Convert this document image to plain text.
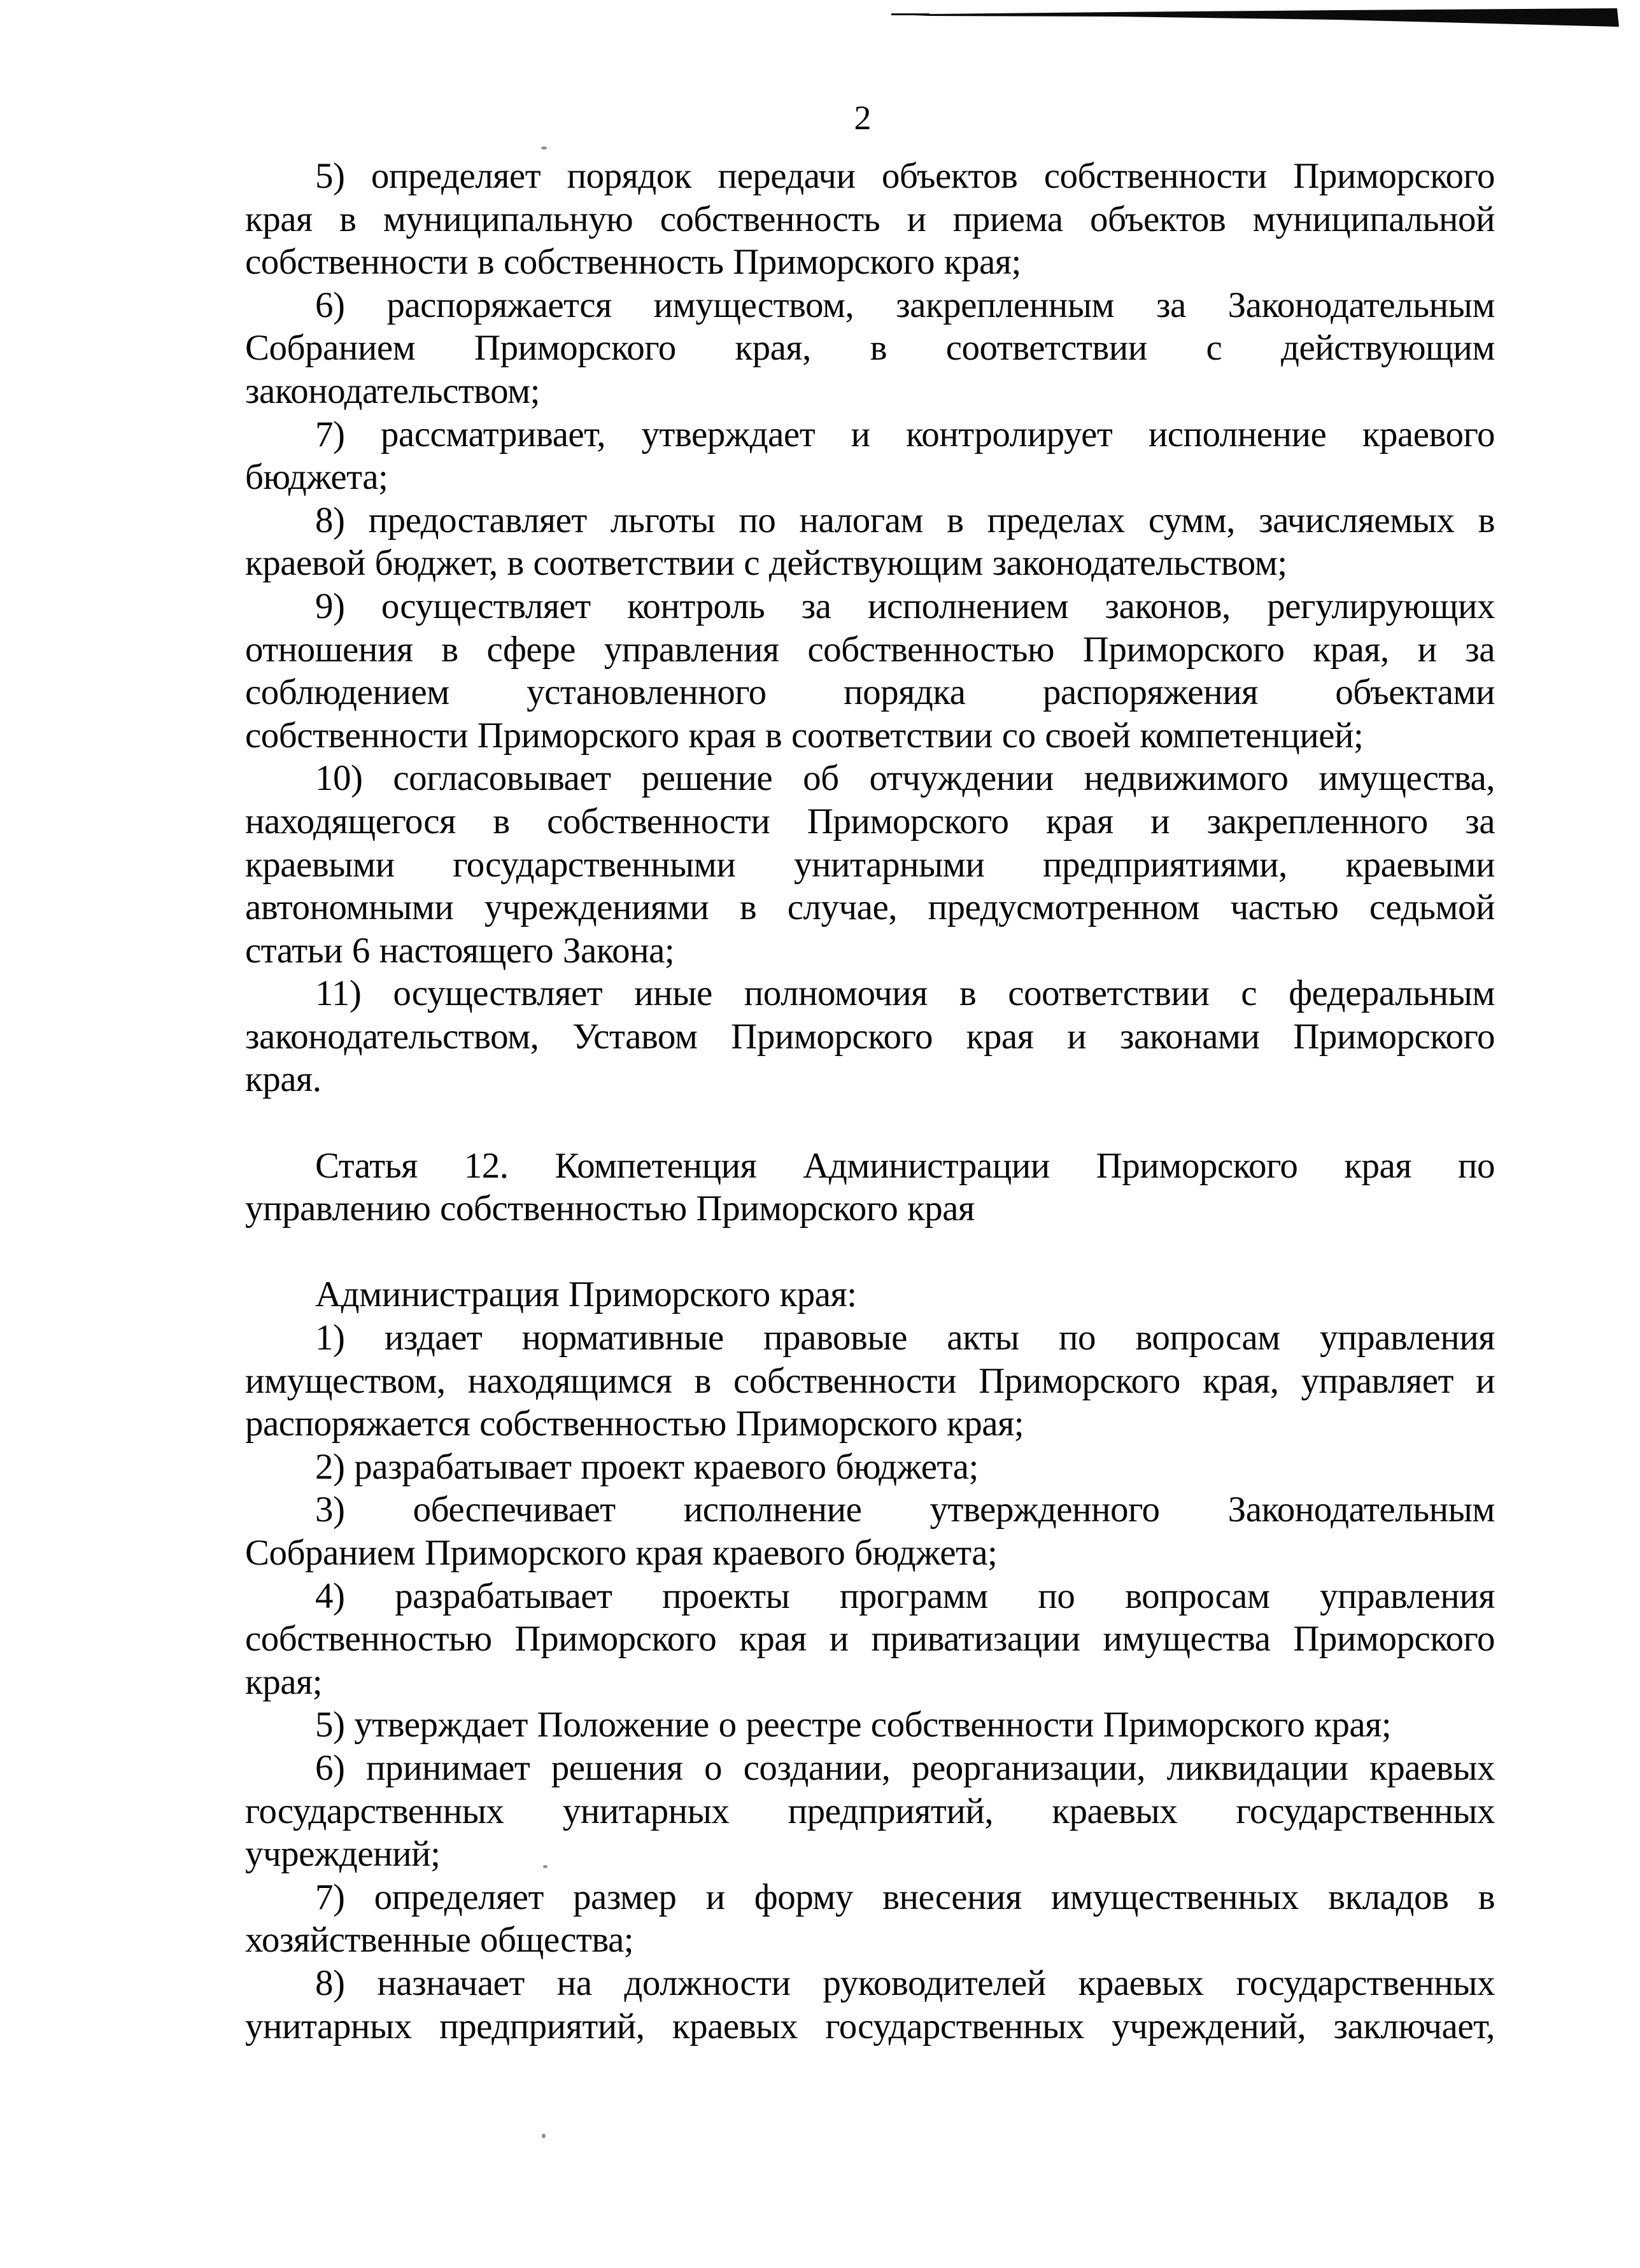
2
5) определяет порядок передачи объектов собственности Приморского
края в муниципальную собственность и приема объектов муниципальной
собственности в собственность Приморского края;
6) распоряжается имуществом, закрепленным за Законодательным
Собранием Приморского края, в соответствии с действующим
законодательством;
7) рассматривает, утверждает и контролирует исполнение краевого
бюджета;
8) предоставляет льготы по налогам в пределах сумм, зачисляемых в
краевой бюджет, в соответствии с действующим законодательством;
9) осуществляет контроль за исполнением законов, регулирующих
отношения в сфере управления собственностью Приморского края, и за
соблюдением установленного порядка распоряжения объектами
собственности Приморского края в соответствии со своей компетенцией;
10) согласовывает решение об отчуждении недвижимого имущества,
находящегося в собственности Приморского края и закрепленного за
краевыми государственными унитарными предприятиями, краевыми
автономными учреждениями в случае, предусмотренном частью седьмой
статьи 6 настоящего Закона;
11) осуществляет иные полномочия в соответствии с федеральным
законодательством, Уставом Приморского края и законами Приморского
края.
Статья 12. Компетенция Администрации Приморского края по
управлению собственностью Приморского края
Администрация Приморского края:
1) издает нормативные правовые акты по вопросам управления
имуществом, находящимся в собственности Приморского края, управляет и
распоряжается собственностью Приморского края;
2) разрабатывает проект краевого бюджета;
3) обеспечивает исполнение утвержденного Законодательным
Собранием Приморского края краевого бюджета;
4) разрабатывает проекты программ по вопросам управления
собственностью Приморского края и приватизации имущества Приморского
края;
5) утверждает Положение о реестре собственности Приморского края;
6) принимает решения о создании, реорганизации, ликвидации краевых
государственных унитарных предприятий, краевых государственных
учреждений;
7) определяет размер и форму внесения имущественных вкладов в
хозяйственные общества;
8) назначает на должности руководителей краевых государственных
унитарных предприятий, краевых государственных учреждений, заключает,
